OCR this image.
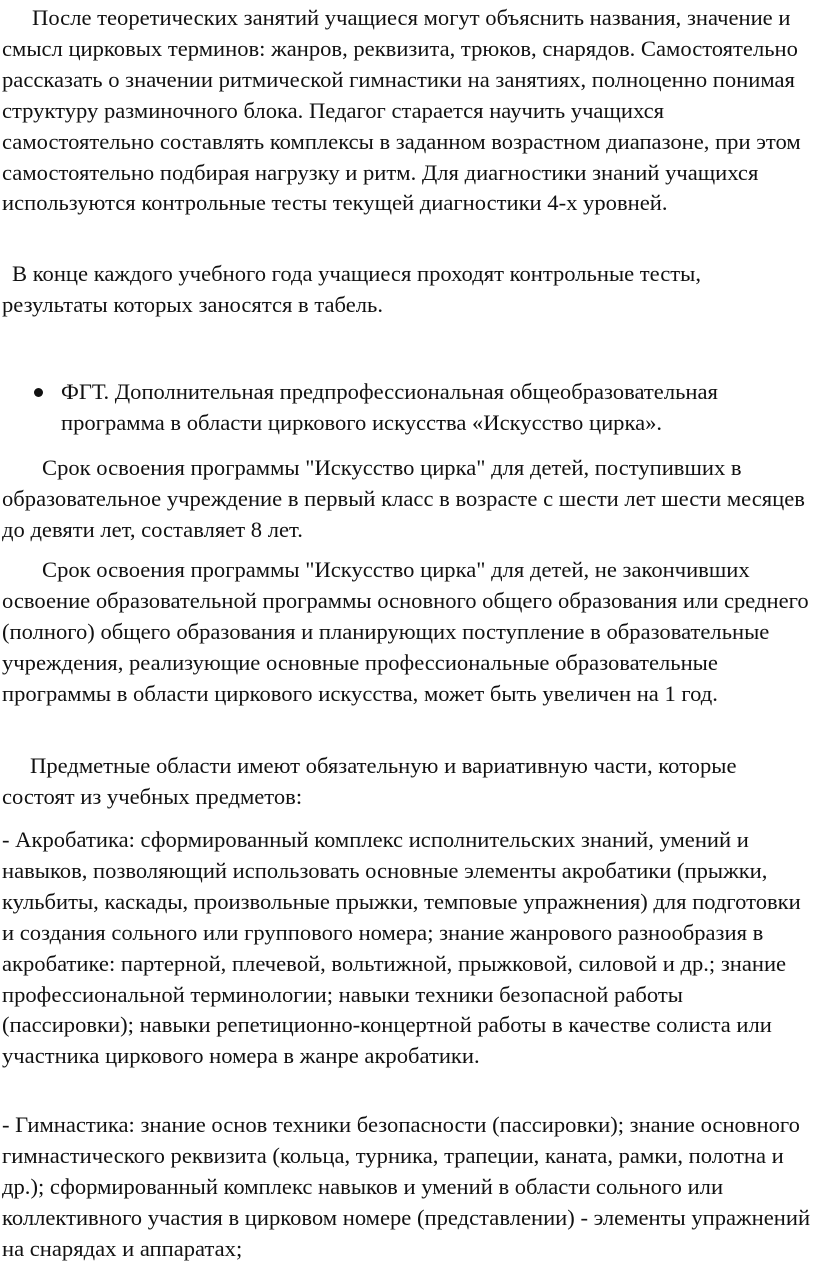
После теоретических занятий учащиеся могут объяснить названия, значение и смысл цирковых терминов: жанров, реквизита, трюков, снарядов. Самостоятельно рассказать о значении ритмической гимнастики на занятиях, полноценно понимая структуру разминочного блока. Педагог старается научить учащихся самостоятельно составлять комплексы в заданном возрастном диапазоне, при этом самостоятельно подбирая нагрузку и ритм. Для диагностики знаний учащихся используются контрольные тесты текущей диагностики 4-х уровней.

В конце каждого учебного года учащиеся проходят контрольные тесты, результаты которых заносятся в табель.

ФГТ. Дополнительная предпрофессиональная общеобразовательная программа в области циркового искусства «Искусство цирка».

Срок освоения программы "Искусство цирка" для детей, поступивших в образовательное учреждение в первый класс в возрасте с шести лет шести месяцев до девяти лет, составляет 8 лет.

Срок освоения программы "Искусство цирка" для детей, не закончивших освоение образовательной программы основного общего образования или среднего (полного) общего образования и планирующих поступление в образовательные учреждения, реализующие основные профессиональные образовательные программы в области циркового искусства, может быть увеличен на 1 год.

Предметные области имеют обязательную и вариативную части, которые состоят из учебных предметов:

- Акробатика: сформированный комплекс исполнительских знаний, умений и навыков, позволяющий использовать основные элементы акробатики (прыжки, кульбиты, каскады, произвольные прыжки, темповые упражнения) для подготовки и создания сольного или группового номера; знание жанрового разнообразия в акробатике: партерной, плечевой, вольтижной, прыжковой, силовой и др.; знание профессиональной терминологии; навыки техники безопасной работы (пассировки); навыки репетиционно-концертной работы в качестве солиста или участника циркового номера в жанре акробатики.

- Гимнастика: знание основ техники безопасности (пассировки); знание основного гимнастического реквизита (кольца, турника, трапеции, каната, рамки, полотна и др.); сформированный комплекс навыков и умений в области сольного или коллективного участия в цирковом номере (представлении) - элементы упражнений на снарядах и аппаратах;
